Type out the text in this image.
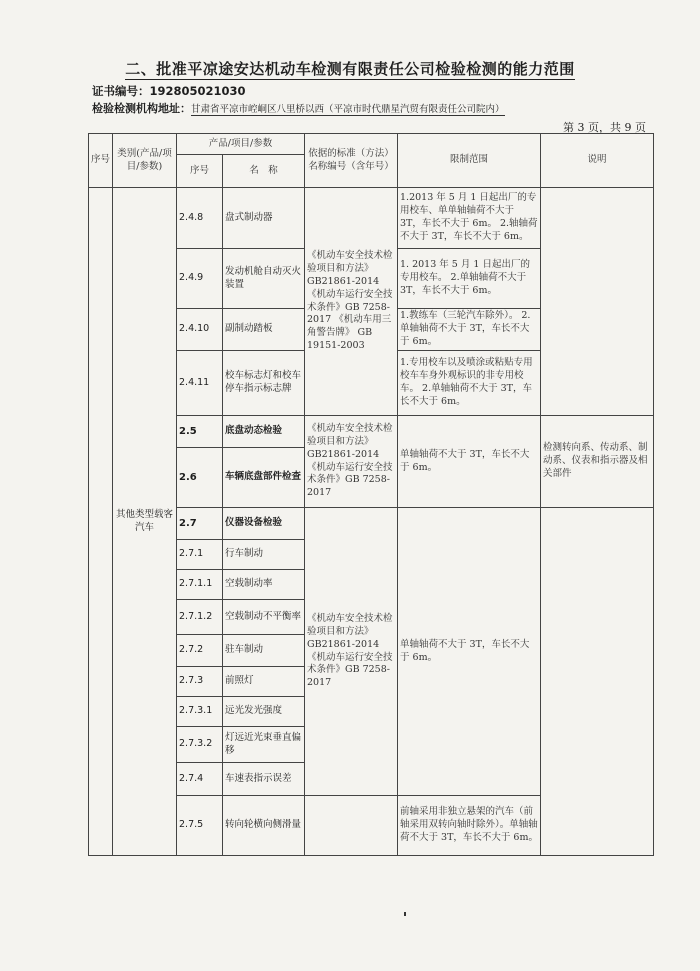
二、批准平凉途安达机动车检测有限责任公司检验检测的能力范围
证书编号：192805021030
检验检测机构地址：甘肃省平凉市崆峒区八里桥以西（平凉市时代鼎星汽贸有限责任公司院内）
第 3 页，共 9 页
序号	类别(产品/项目/参数)	产品/项目/参数		依据的标准（方法）名称编号（含年号）	限制范围	说明
		序号	名　称			
	其他类型载客汽车	2.4.8	盘式制动器	《机动车安全技术检验项目和方法》GB21861-2014 《机动车运行安全技术条件》GB 7258-2017 《机动车用三角警告牌》 GB 19151-2003	1.2013 年 5 月 1 日起出厂的专用校车、单单轴轴荷不大于 3T，车长不大于 6m。 2.轴轴荷不大于 3T，车长不大于 6m。	
		2.4.9	发动机舱自动灭火装置		1. 2013 年 5 月 1 日起出厂的专用校车。 2.单轴轴荷不大于 3T，车长不大于 6m。	
		2.4.10	副制动踏板		1.教练车（三轮汽车除外）。 2.单轴轴荷不大于 3T，车长不大于 6m。	
		2.4.11	校车标志灯和校车停车指示标志牌		1.专用校车以及喷涂或粘贴专用校车车身外观标识的非专用校车。 2.单轴轴荷不大于 3T，车长不大于 6m。	
		2.5	底盘动态检验	《机动车安全技术检验项目和方法》GB21861-2014 《机动车运行安全技术条件》GB 7258-2017	单轴轴荷不大于 3T，车长不大于 6m。	检测转向系、传动系、制动系、仪表和指示器及相关部件
		2.6	车辆底盘部件检查			
		2.7	仪器设备检验	《机动车安全技术检验项目和方法》GB21861-2014 《机动车运行安全技术条件》GB 7258-2017	单轴轴荷不大于 3T，车长不大于 6m。	
		2.7.1	行车制动			
		2.7.1.1	空载制动率			
		2.7.1.2	空载制动不平衡率			
		2.7.2	驻车制动			
		2.7.3	前照灯			
		2.7.3.1	远光发光强度			
		2.7.3.2	灯远近光束垂直偏移			
		2.7.4	车速表指示误差			
		2.7.5	转向轮横向侧滑量		前轴采用非独立悬架的汽车（前轴采用双转向轴时除外）。单轴轴荷不大于 3T，车长不大于 6m。	
